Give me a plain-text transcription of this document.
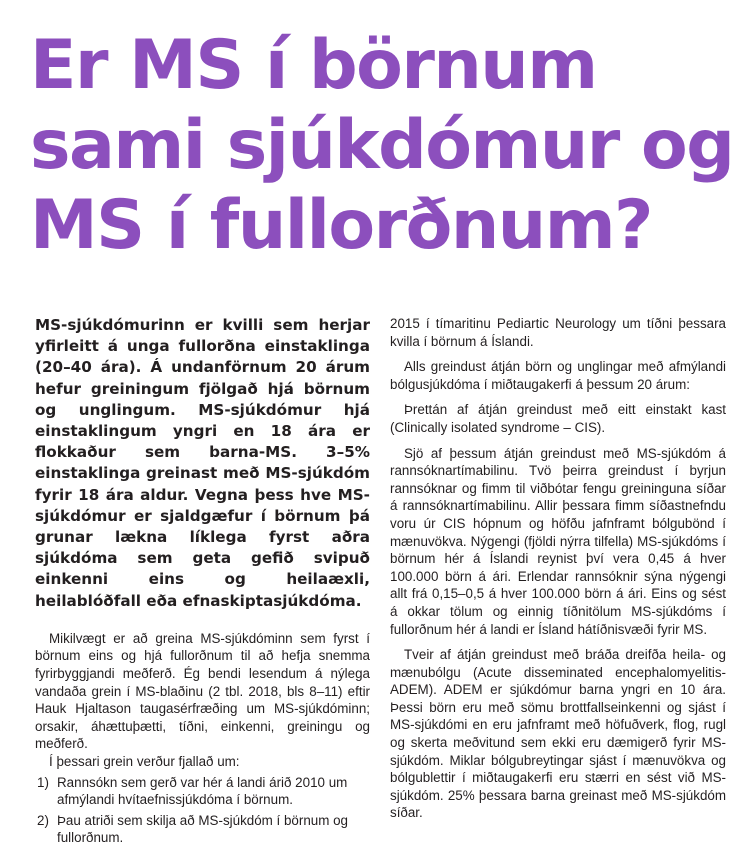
Er MS í börnum
sami sjúkdómur og
MS í fullorðnum?

MS-sjúkdómurinn er kvilli sem herjar yfirleitt á unga fullorðna einstaklinga (20–40 ára). Á undanförnum 20 árum hefur greiningum fjölgað hjá börnum og unglingum. MS-sjúkdómur hjá einstaklingum yngri en 18 ára er flokkaður sem barna-MS. 3–5% einstaklinga greinast með MS-sjúkdóm fyrir 18 ára aldur. Vegna þess hve MS-sjúkdómur er sjaldgæfur í börnum þá grunar lækna líklega fyrst aðra sjúkdóma sem geta gefið svipuð einkenni eins og heilaæxli, heilablóðfall eða efnaskiptasjúkdóma.

Mikilvægt er að greina MS-sjúkdóminn sem fyrst í börnum eins og hjá fullorðnum til að hefja snemma fyrirbyggjandi meðferð. Ég bendi lesendum á nýlega vandaða grein í MS-blaðinu (2 tbl. 2018, bls 8–11) eftir Hauk Hjaltason taugasérfræðing um MS-sjúkdóminn; orsakir, áhættuþætti, tíðni, einkenni, greiningu og meðferð.

Í þessari grein verður fjallað um:

1) Rannsókn sem gerð var hér á landi árið 2010 um afmýlandi hvítaefnissjúkdóma í börnum.
2) Þau atriði sem skilja að MS-sjúkdóm í börnum og fullorðnum.

2015 í tímaritinu Pediartic Neurology um tíðni þessara kvilla í börnum á Íslandi.

Alls greindust átján börn og unglingar með afmýlandi bólgusjúkdóma í miðtaugakerfi á þessum 20 árum:

Þrettán af átján greindust með eitt einstakt kast (Clinically isolated syndrome – CIS).

Sjö af þessum átján greindust með MS-sjúkdóm á rannsóknartímabilinu. Tvö þeirra greindust í byrjun rannsóknar og fimm til viðbótar fengu greininguna síðar á rannsóknartímabilinu. Allir þessara fimm síðastnefndu voru úr CIS hópnum og höfðu jafnframt bólgubönd í mænuvökva. Nýgengi (fjöldi nýrra tilfella) MS-sjúkdóms í börnum hér á Íslandi reynist því vera 0,45 á hver 100.000 börn á ári. Erlendar rannsóknir sýna nýgengi allt frá 0,15–0,5 á hver 100.000 börn á ári. Eins og sést á okkar tölum og einnig tíðnitölum MS-sjúkdóms í fullorðnum hér á landi er Ísland hátíðnisvæði fyrir MS.

Tveir af átján greindust með bráða dreifða heila- og mænubólgu (Acute disseminated encephalomyelitis-ADEM). ADEM er sjúkdómur barna yngri en 10 ára. Þessi börn eru með sömu brottfallseinkenni og sjást í MS-sjúkdómi en eru jafnframt með höfuðverk, flog, rugl og skerta meðvitund sem ekki eru dæmigerð fyrir MS-sjúkdóm. Miklar bólgubreytingar sjást í mænuvökva og bólgublettir í miðtaugakerfi eru stærri en sést við MS-sjúkdóm. 25% þessara barna greinast með MS-sjúkdóm síðar.
